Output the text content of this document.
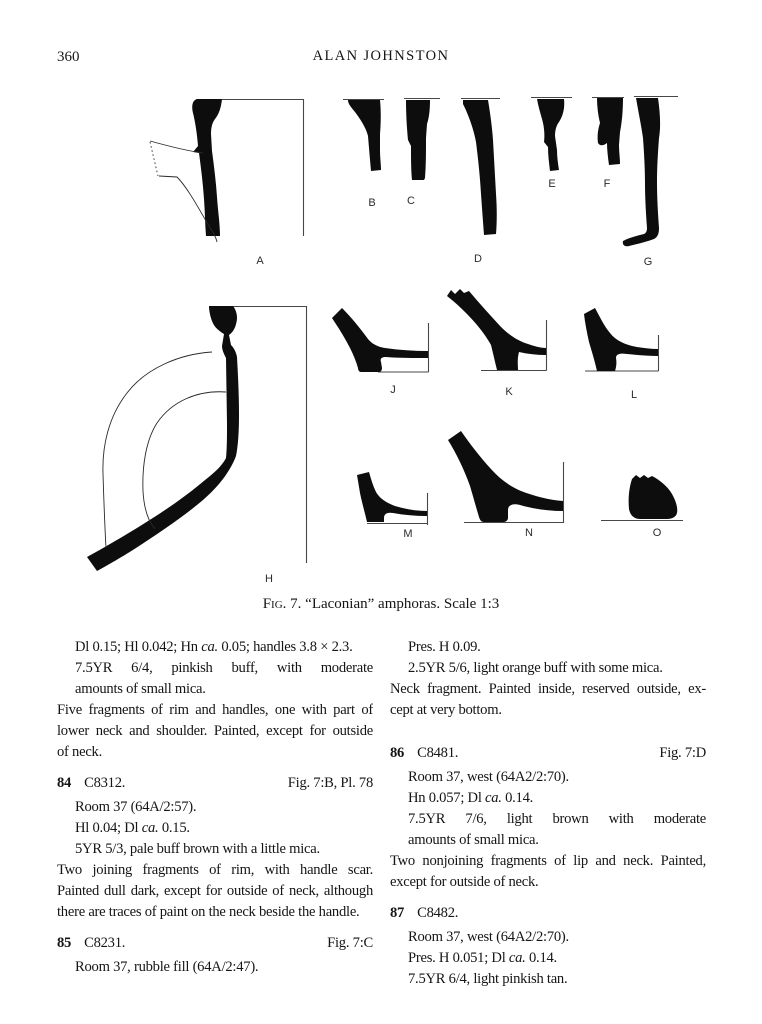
360	ALAN JOHNSTON
A
B	C
D
E	F
G
H
J	K	L
M	N	O
Fig. 7. “Laconian” amphoras. Scale 1:3
Dl 0.15; Hl 0.042; Hn ca. 0.05; handles 3.8 × 2.3.
7.5YR 6/4, pinkish buff, with moderate
amounts of small mica.
Five fragments of rim and handles, one with part of
lower neck and shoulder. Painted, except for outside
of neck.
84 C8312.	Fig. 7:B, Pl. 78
Room 37 (64A/2:57).
Hl 0.04; Dl ca. 0.15.
5YR 5/3, pale buff brown with a little mica.
Two joining fragments of rim, with handle scar.
Painted dull dark, except for outside of neck, although
there are traces of paint on the neck beside the handle.
85 C8231.	Fig. 7:C
Room 37, rubble fill (64A/2:47).
Pres. H 0.09.
2.5YR 5/6, light orange buff with some mica.
Neck fragment. Painted inside, reserved outside, ex-
cept at very bottom.
86 C8481.	Fig. 7:D
Room 37, west (64A2/2:70).
Hn 0.057; Dl ca. 0.14.
7.5YR 7/6, light brown with moderate
amounts of small mica.
Two nonjoining fragments of lip and neck. Painted,
except for outside of neck.
87 C8482.
Room 37, west (64A2/2:70).
Pres. H 0.051; Dl ca. 0.14.
7.5YR 6/4, light pinkish tan.
